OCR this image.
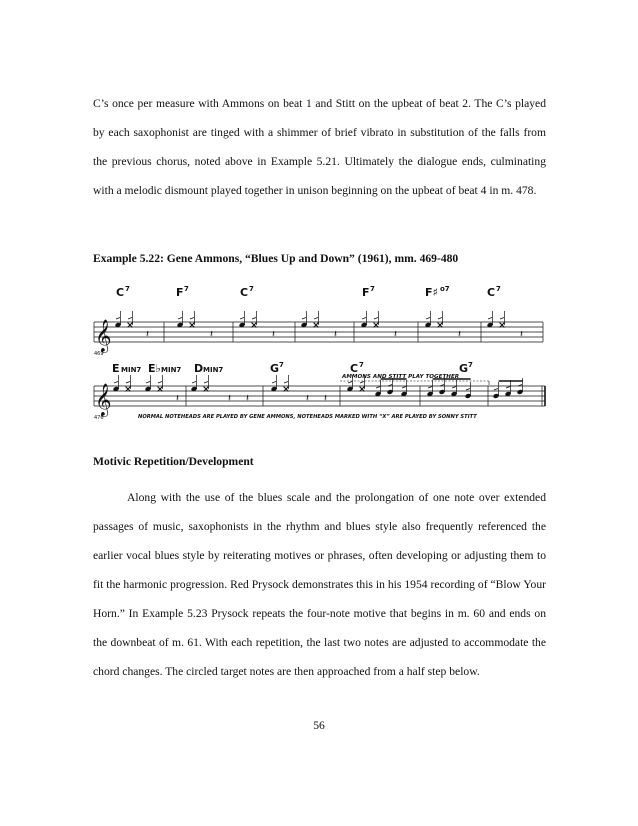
C’s once per measure with Ammons on beat 1 and Stitt on the upbeat of beat 2. The C’s played by each saxophonist are tinged with a shimmer of brief vibrato in substitution of the falls from the previous chorus, noted above in Example 5.21. Ultimately the dialogue ends, culminating with a melodic dismount played together in unison beginning on the upbeat of beat 4 in m. 478.

Example 5.22: Gene Ammons, “Blues Up and Down” (1961), mm. 469-480

C 7	F 7	C 7	F 7	F♯ o7	C 7
𝄞
469
𝄽	𝄽	𝄽	𝄽	𝄽	𝄽	𝄽
E MIN7 E♭ MIN7 D MIN7	G 7	C 7	G 7
AMMONS AND STITT PLAY TOGETHER
𝄞
476
𝄽	𝄽 𝄽	𝄽 𝄽
NORMAL NOTEHEADS ARE PLAYED BY GENE AMMONS, NOTEHEADS MARKED WITH “X” ARE PLAYED BY SONNY STITT

Motivic Repetition/Development

Along with the use of the blues scale and the prolongation of one note over extended passages of music, saxophonists in the rhythm and blues style also frequently referenced the earlier vocal blues style by reiterating motives or phrases, often developing or adjusting them to fit the harmonic progression. Red Prysock demonstrates this in his 1954 recording of “Blow Your Horn.” In Example 5.23 Prysock repeats the four-note motive that begins in m. 60 and ends on the downbeat of m. 61. With each repetition, the last two notes are adjusted to accommodate the chord changes. The circled target notes are then approached from a half step below.

56
